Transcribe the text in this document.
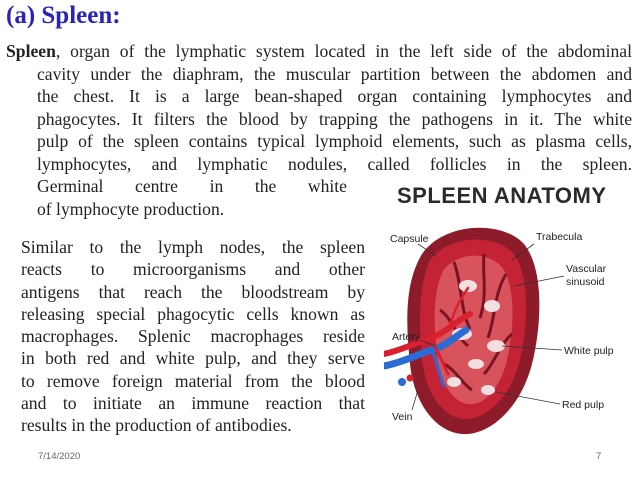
(a) Spleen:
Spleen, organ of the lymphatic system located in the left side of the abdominal
cavity under the diaphram, the muscular partition between the abdomen and
the chest. It is a large bean-shaped organ containing lymphocytes and
phagocytes. It filters the blood by trapping the pathogens in it. The white
pulp of the spleen contains typical lymphoid elements, such as plasma cells,
lymphocytes, and lymphatic nodules, called follicles in the spleen.
Germinal centre in the white
of lymphocyte production.
Similar to the lymph nodes, the spleen
reacts to microorganisms and other
antigens that reach the bloodstream by
releasing special phagocytic cells known as
macrophages. Splenic macrophages reside
in both red and white pulp, and they serve
to remove foreign material from the blood
and to initiate an immune reaction that
results in the production of antibodies.
SPLEEN ANATOMY
Capsule	Trabecula
Vascular
sinusoid
Artery
White pulp
Vein
Red pulp
7/14/2020	7
